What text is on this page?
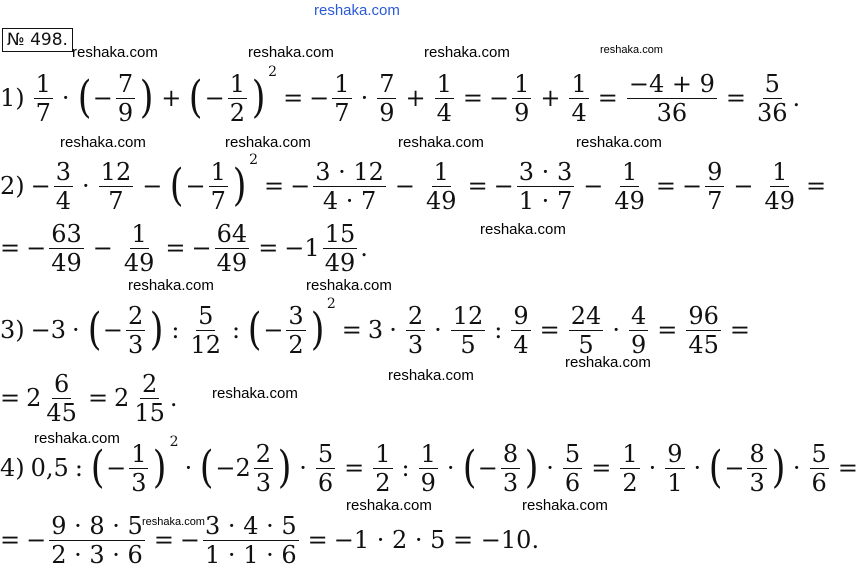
reshaka.com
№ 498.
reshaka.com	reshaka.com	reshaka.com	reshaka.com
reshaka.com	reshaka.com	reshaka.com	reshaka.com
reshaka.com
reshaka.com	reshaka.com
reshaka.com
reshaka.com
reshaka.com
reshaka.com
reshaka.com	reshaka.com
reshaka.com
$1) \frac{1}{7}$ · ( − $\frac{7}{9}$ ) + ( − $\frac{1}{2}$ ) 2
= − $\frac{1}{7} \cdot \frac{7}{9} + \frac{1}{4}$ = − $\frac{1}{9} + \frac{1}{4} = \frac{-4 + 9}{36} = \frac{5}{36}$ .
$2) - \frac{3}{4} \cdot \frac{12}{7}$ − ( − $\frac{1}{7}$ ) 2
= − $\frac{3 \cdot 12}{4 \cdot 7} - \frac{1}{49}$ = − $\frac{3 \cdot 3}{1 \cdot 7} - \frac{1}{49}$ = − $\frac{9}{7} - \frac{1}{49}$ =
= − $\frac{63}{49} - \frac{1}{49}$ = − $\frac{64}{49} = -1 \frac{15}{49}$ .
3) −3 · ( − $\frac{2}{3}$ ) : $\frac{5}{12}$ : ( − $\frac{3}{2}$ ) 2
= $3 \cdot \frac{2}{3} \cdot \frac{12}{5}$ : $\frac{9}{4} = \frac{24}{5} \cdot \frac{4}{9} = \frac{96}{45}$ =
= $2 \frac{6}{45} = 2 \frac{2}{15}$ .
4) 0,5 : ( − $\frac{1}{3}$ ) 2
· ( $-2 \frac{2}{3}$ ) · $\frac{5}{6} = \frac{1}{2}$ : $\frac{1}{9}$ · ( − $\frac{8}{3}$ ) · $\frac{5}{6} = \frac{1}{2} \cdot \frac{9}{1}$ · ( − $\frac{8}{3}$ ) · $\frac{5}{6}$ =
= − $\frac{9 \cdot 8 \cdot 5}{2 \cdot 3 \cdot 6}$ = − $\frac{3 \cdot 4 \cdot 5}{1 \cdot 1 \cdot 6} = -1 \cdot 2 \cdot 5 = -10$.
